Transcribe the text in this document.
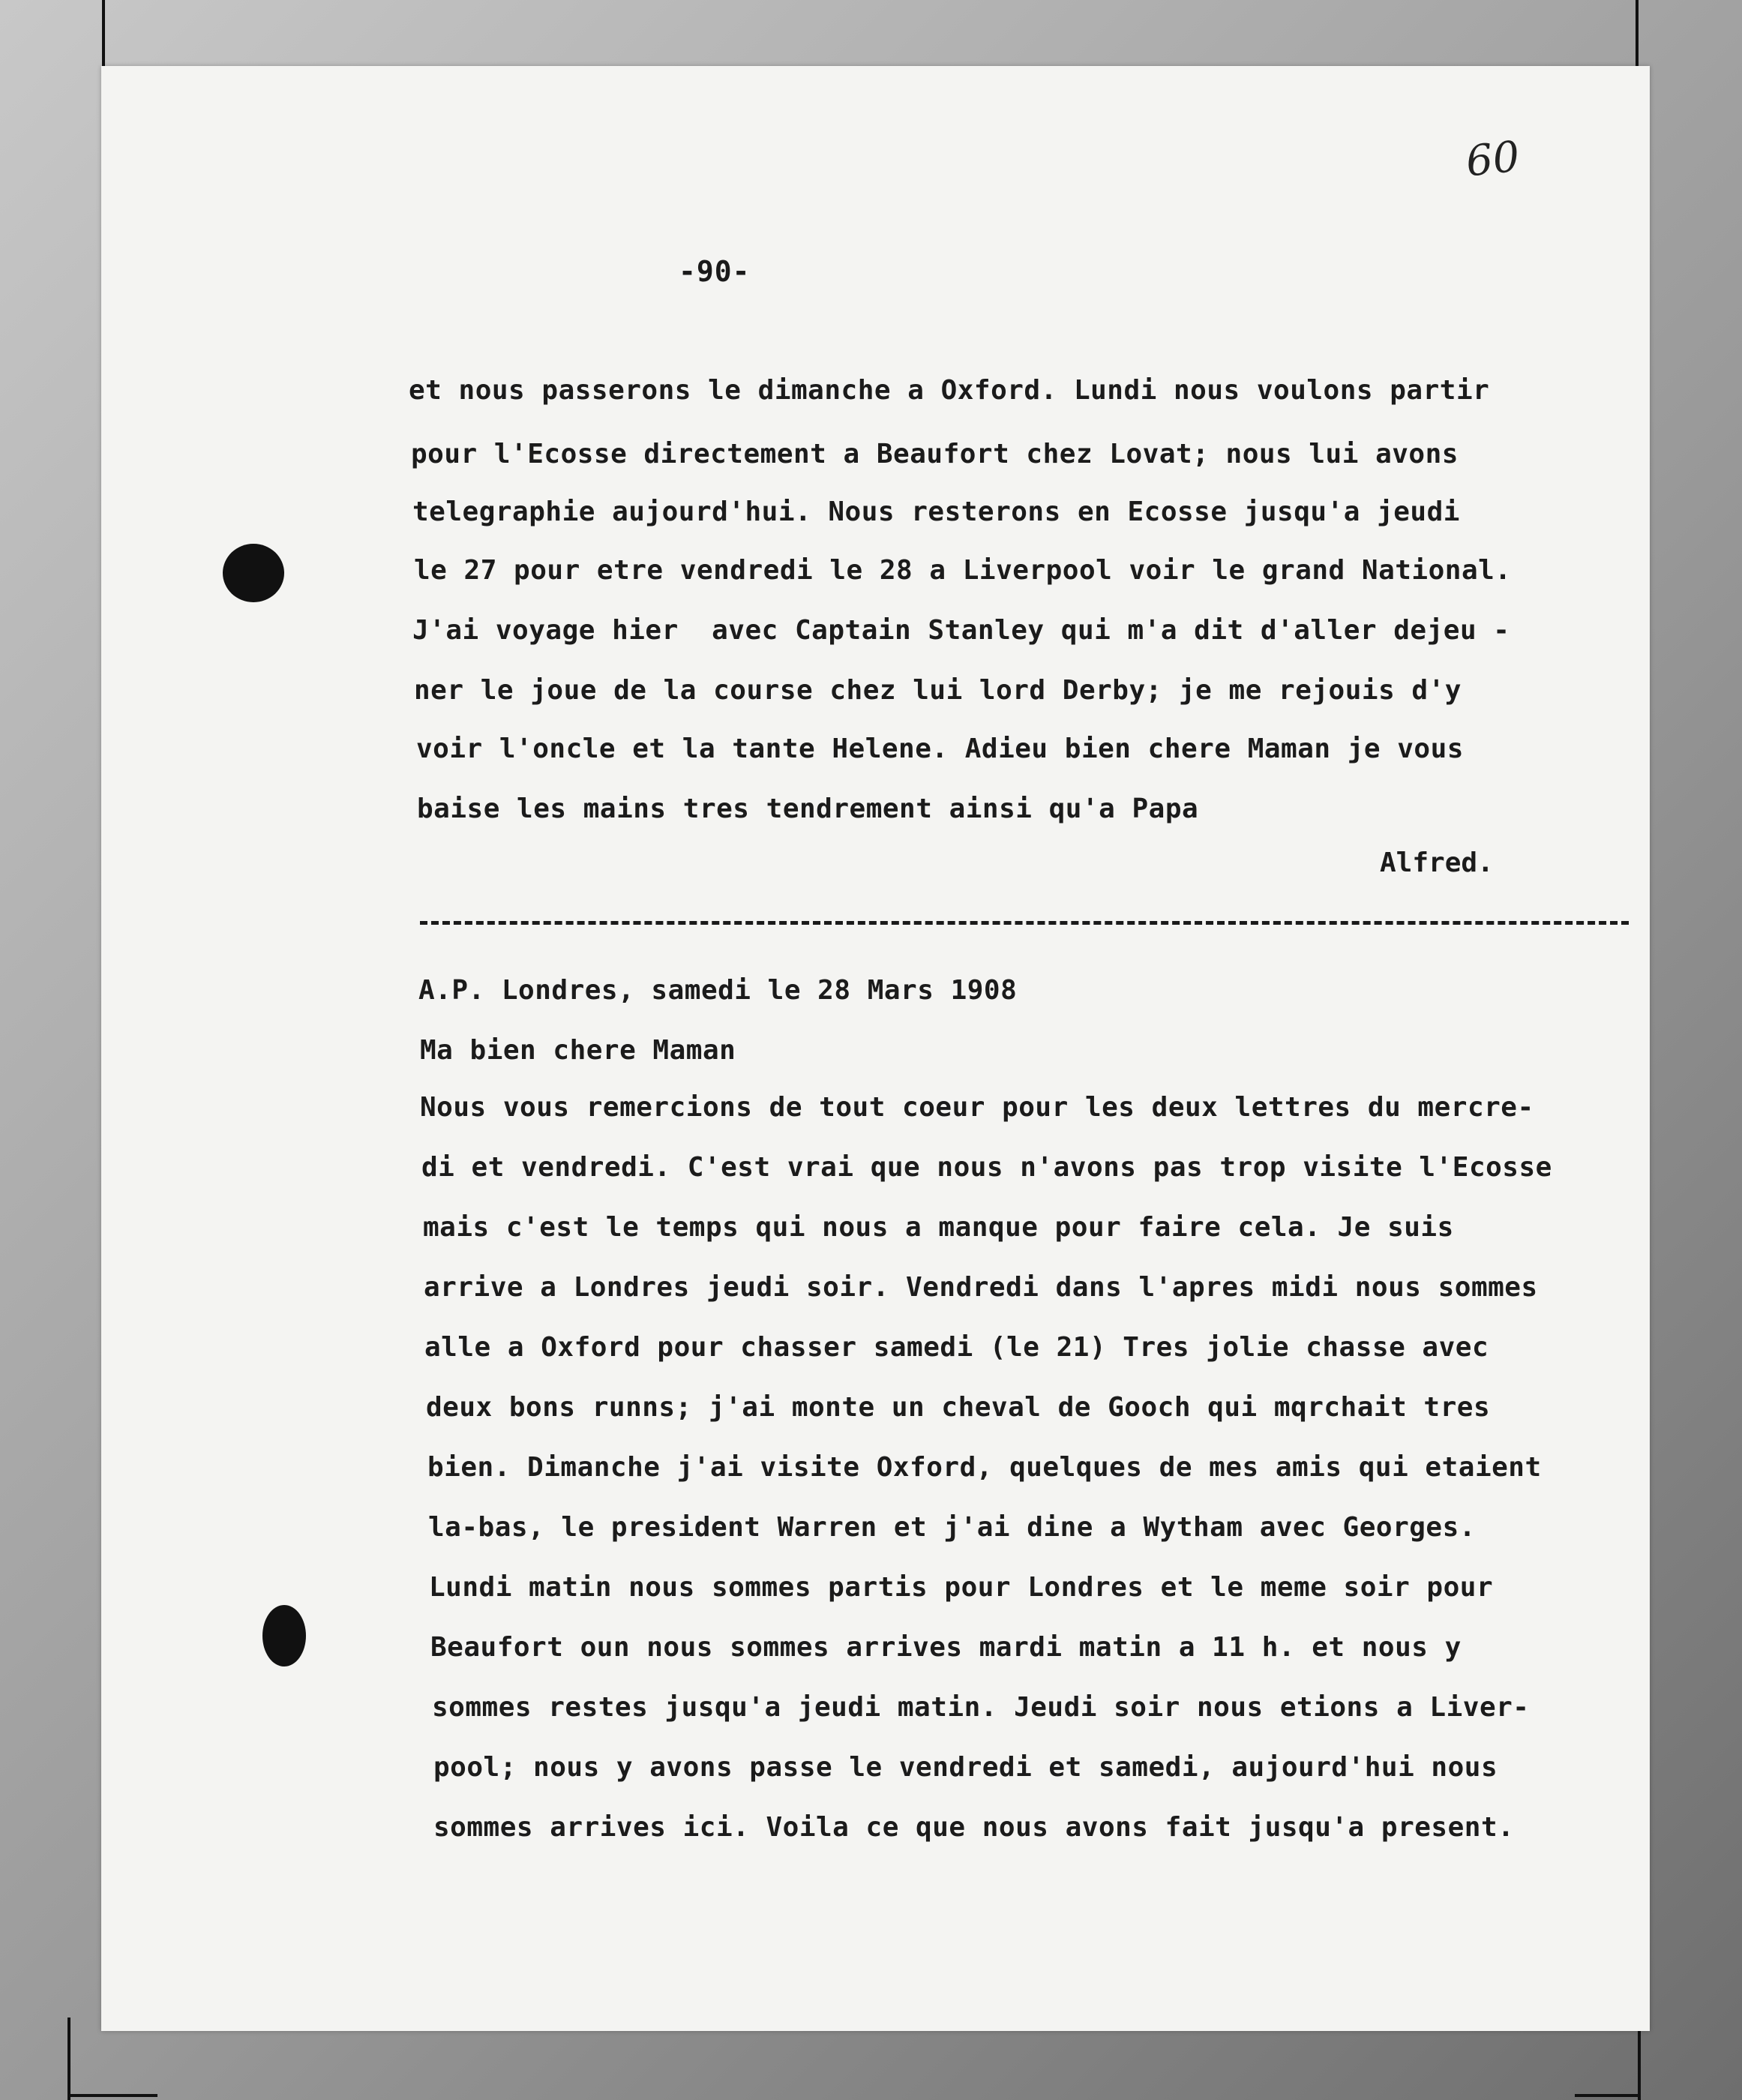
60
-90-
et nous passerons le dimanche a Oxford. Lundi nous voulons partir
pour l'Ecosse directement a Beaufort chez Lovat; nous lui avons
telegraphie aujourd'hui. Nous resterons en Ecosse jusqu'a jeudi
le 27 pour etre vendredi le 28 a Liverpool voir le grand National.
J'ai voyage hier  avec Captain Stanley qui m'a dit d'aller dejeu -
ner le joue de la course chez lui lord Derby; je me rejouis d'y
voir l'oncle et la tante Helene. Adieu bien chere Maman je vous
baise les mains tres tendrement ainsi qu'a Papa
Alfred.
A.P. Londres, samedi le 28 Mars 1908
Ma bien chere Maman
Nous vous remercions de tout coeur pour les deux lettres du mercre-
di et vendredi. C'est vrai que nous n'avons pas trop visite l'Ecosse
mais c'est le temps qui nous a manque pour faire cela. Je suis
arrive a Londres jeudi soir. Vendredi dans l'apres midi nous sommes
alle a Oxford pour chasser samedi (le 21) Tres jolie chasse avec
deux bons runns; j'ai monte un cheval de Gooch qui mqrchait tres
bien. Dimanche j'ai visite Oxford, quelques de mes amis qui etaient
la-bas, le president Warren et j'ai dine a Wytham avec Georges.
Lundi matin nous sommes partis pour Londres et le meme soir pour
Beaufort oun nous sommes arrives mardi matin a 11 h. et nous y
sommes restes jusqu'a jeudi matin. Jeudi soir nous etions a Liver-
pool; nous y avons passe le vendredi et samedi, aujourd'hui nous
sommes arrives ici. Voila ce que nous avons fait jusqu'a present.
